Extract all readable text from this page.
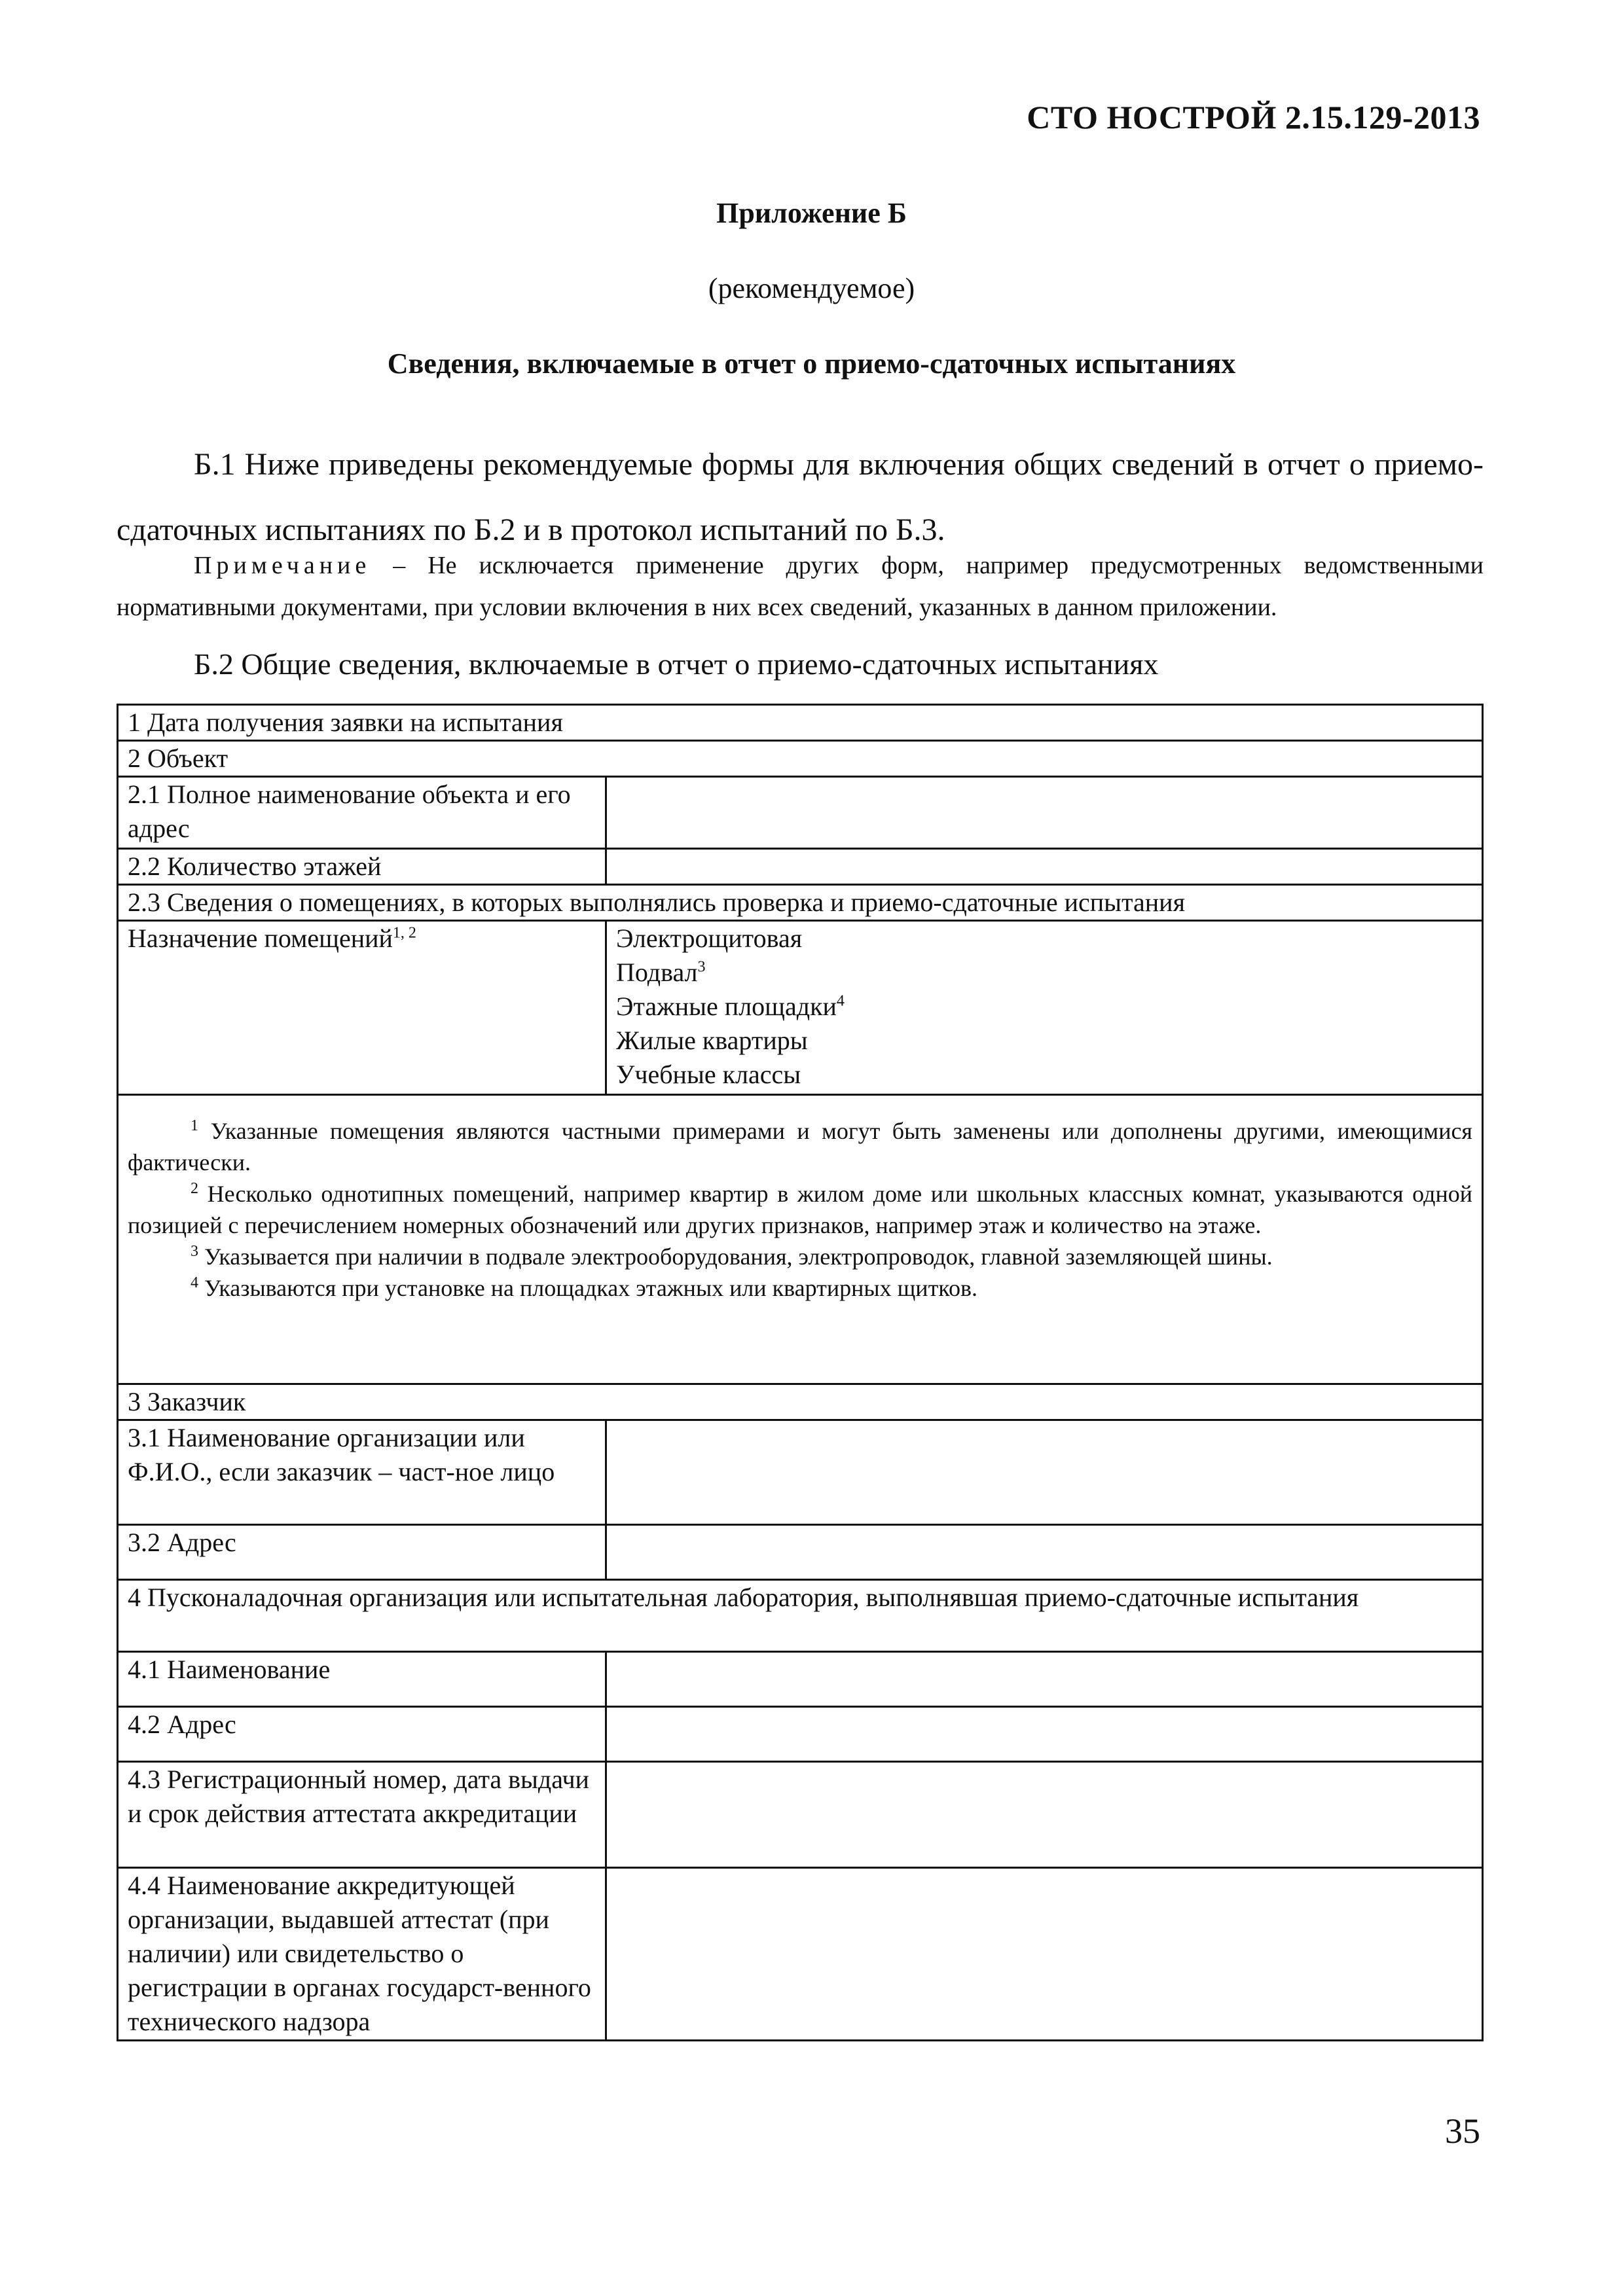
СТО НОСТРОЙ 2.15.129-2013
Приложение Б
(рекомендуемое)
Сведения, включаемые в отчет о приемо-сдаточных испытаниях
Б.1 Ниже приведены рекомендуемые формы для включения общих сведений в отчет о приемо-сдаточных испытаниях по Б.2 и в протокол испытаний по Б.3.
Примечание – Не исключается применение других форм, например предусмотренных ведомственными нормативными документами, при условии включения в них всех сведений, указанных в данном приложении.
Б.2 Общие сведения, включаемые в отчет о приемо-сдаточных испытаниях
1 Дата получения заявки на испытания	
2 Объект	
2.1 Полное наименование объекта и его адрес	
2.2 Количество этажей	
2.3 Сведения о помещениях, в которых выполнялись проверка и приемо-сдаточные испытания	
Назначение помещений$^{1, 2}$	Электрощитовая
Подвал$^3$
Этажные площадки$^4$
Жилые квартиры
Учебные классы

$^1$ Указанные помещения являются частными примерами и могут быть заменены или дополнены другими, имеющимися фактически.

$^2$ Несколько однотипных помещений, например квартир в жилом доме или школьных классных комнат, указываются одной позицией с перечислением номерных обозначений или других признаков, например этаж и количество на этаже.

$^3$ Указывается при наличии в подвале электрооборудования, электропроводок, главной заземляющей шины.

$^4$ Указываются при установке на площадках этажных или квартирных щитков.	

3 Заказчик	
3.1 Наименование организации или Ф.И.О., если заказчик – част-ное лицо	
3.2 Адрес	
4 Пусконаладочная организация или испытательная лаборатория, выполнявшая приемо-сдаточные испытания	
4.1 Наименование	
4.2 Адрес	
4.3 Регистрационный номер, дата выдачи и срок действия аттестата аккредитации	
4.4 Наименование аккредитующей организации, выдавшей аттестат (при наличии) или свидетельство о регистрации в органах государст-венного технического надзора	
35
